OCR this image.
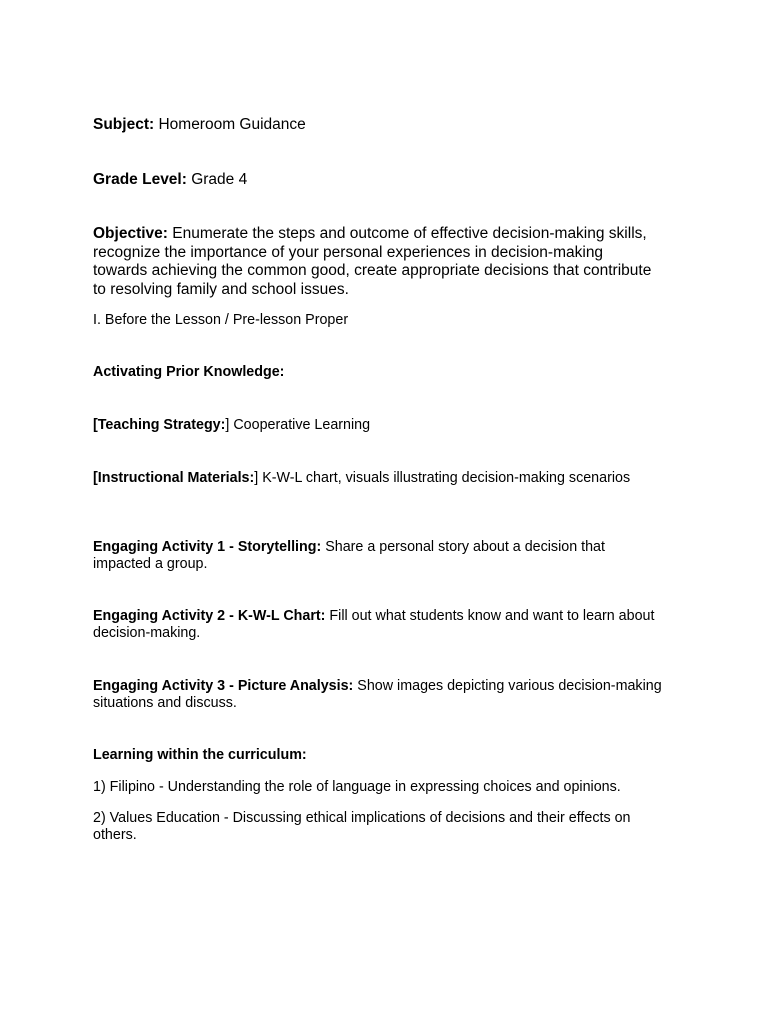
Subject: Homeroom Guidance

Grade Level: Grade 4

Objective: Enumerate the steps and outcome of effective decision-making skills, recognize the importance of your personal experiences in decision-making towards achieving the common good, create appropriate decisions that contribute to resolving family and school issues.

I. Before the Lesson / Pre-lesson Proper

Activating Prior Knowledge:

[Teaching Strategy:] Cooperative Learning

[Instructional Materials:] K-W-L chart, visuals illustrating decision-making scenarios

Engaging Activity 1 - Storytelling: Share a personal story about a decision that impacted a group.

Engaging Activity 2 - K-W-L Chart: Fill out what students know and want to learn about decision-making.

Engaging Activity 3 - Picture Analysis: Show images depicting various decision-making situations and discuss.

Learning within the curriculum:

1) Filipino - Understanding the role of language in expressing choices and opinions.

2) Values Education - Discussing ethical implications of decisions and their effects on others.
